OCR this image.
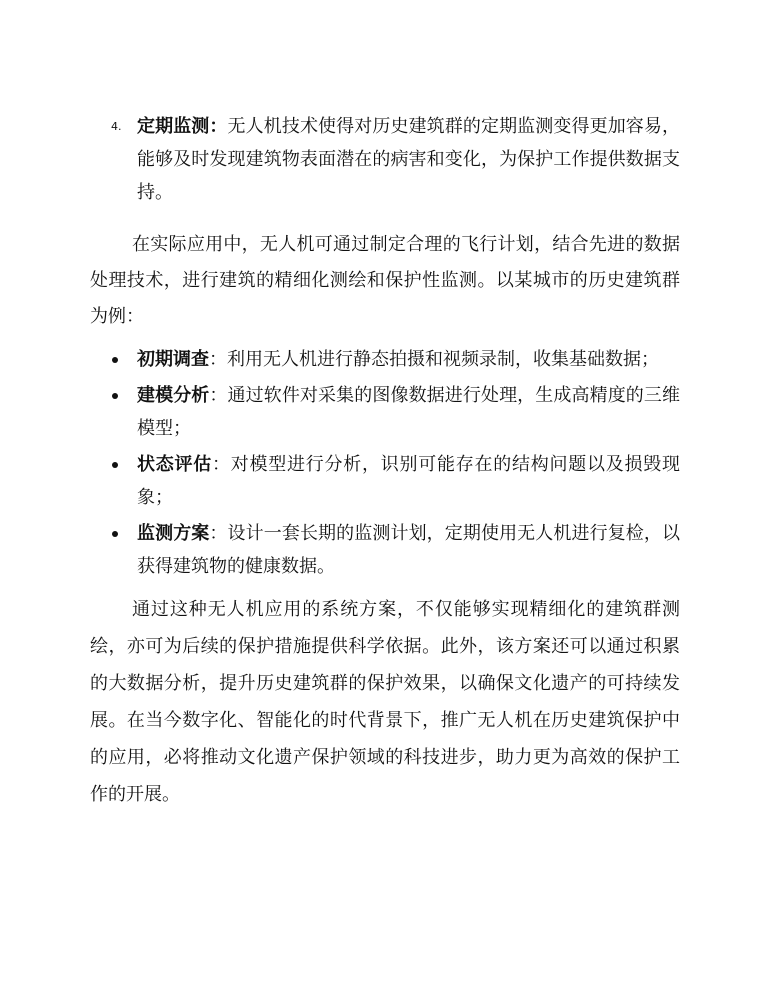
4. 定期监测：无人机技术使得对历史建筑群的定期监测变得更加容易，能够及时发现建筑物表面潜在的病害和变化，为保护工作提供数据支持。

在实际应用中，无人机可通过制定合理的飞行计划，结合先进的数据处理技术，进行建筑的精细化测绘和保护性监测。以某城市的历史建筑群为例：

初期调查：利用无人机进行静态拍摄和视频录制，收集基础数据；
建模分析：通过软件对采集的图像数据进行处理，生成高精度的三维模型；
状态评估：对模型进行分析，识别可能存在的结构问题以及损毁现象；
监测方案：设计一套长期的监测计划，定期使用无人机进行复检，以获得建筑物的健康数据。

通过这种无人机应用的系统方案，不仅能够实现精细化的建筑群测绘，亦可为后续的保护措施提供科学依据。此外，该方案还可以通过积累的大数据分析，提升历史建筑群的保护效果，以确保文化遗产的可持续发展。在当今数字化、智能化的时代背景下，推广无人机在历史建筑保护中的应用，必将推动文化遗产保护领域的科技进步，助力更为高效的保护工作的开展。
